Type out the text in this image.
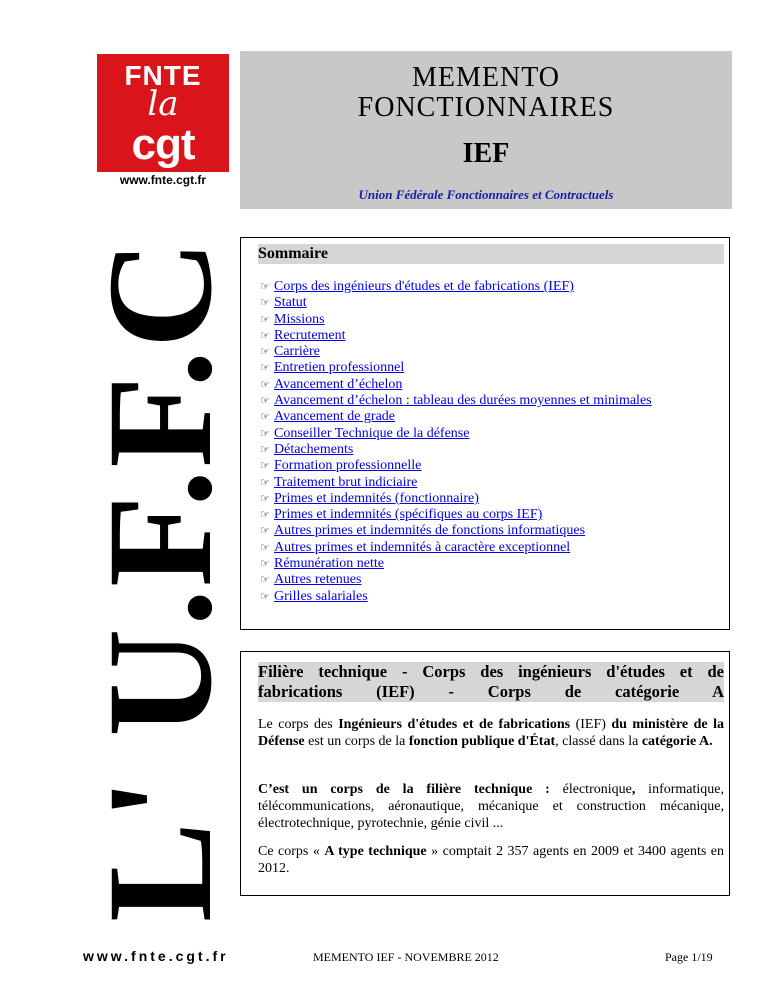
FNTE
la
cgt
www.fnte.cgt.fr
L' U.F.F.C
MEMENTO
FONCTIONNAIRES
IEF
Union Fédérale Fonctionnaires et Contractuels
Sommaire
☞ Corps des ingénieurs d'études et de fabrications (IEF)
☞ Statut
☞ Missions
☞ Recrutement
☞ Carrière
☞ Entretien professionnel
☞ Avancement d’échelon
☞ Avancement d’échelon : tableau des durées moyennes et minimales
☞ Avancement de grade
☞ Conseiller Technique de la défense
☞ Détachements
☞ Formation professionnelle
☞ Traitement brut indiciaire
☞ Primes et indemnités (fonctionnaire)
☞ Primes et indemnités (spécifiques au corps IEF)
☞ Autres primes et indemnités de fonctions informatiques
☞ Autres primes et indemnités à caractère exceptionnel
☞ Rémunération nette
☞ Autres retenues
☞ Grilles salariales
Filière technique - Corps des ingénieurs d'études et de fabrications (IEF) - Corps de catégorie A

Le corps des Ingénieurs d'études et de fabrications (IEF) du ministère de la Défense est un corps de la fonction publique d'État, classé dans la catégorie A.

C’est un corps de la filière technique : électronique, informatique, télécommunications, aéronautique, mécanique et construction mécanique, électrotechnique, pyrotechnie, génie civil ...

Ce corps « A type technique » comptait 2 357 agents en 2009 et 3400 agents en 2012.

www.fnte.cgt.fr	MEMENTO IEF - NOVEMBRE 2012	Page 1/19
